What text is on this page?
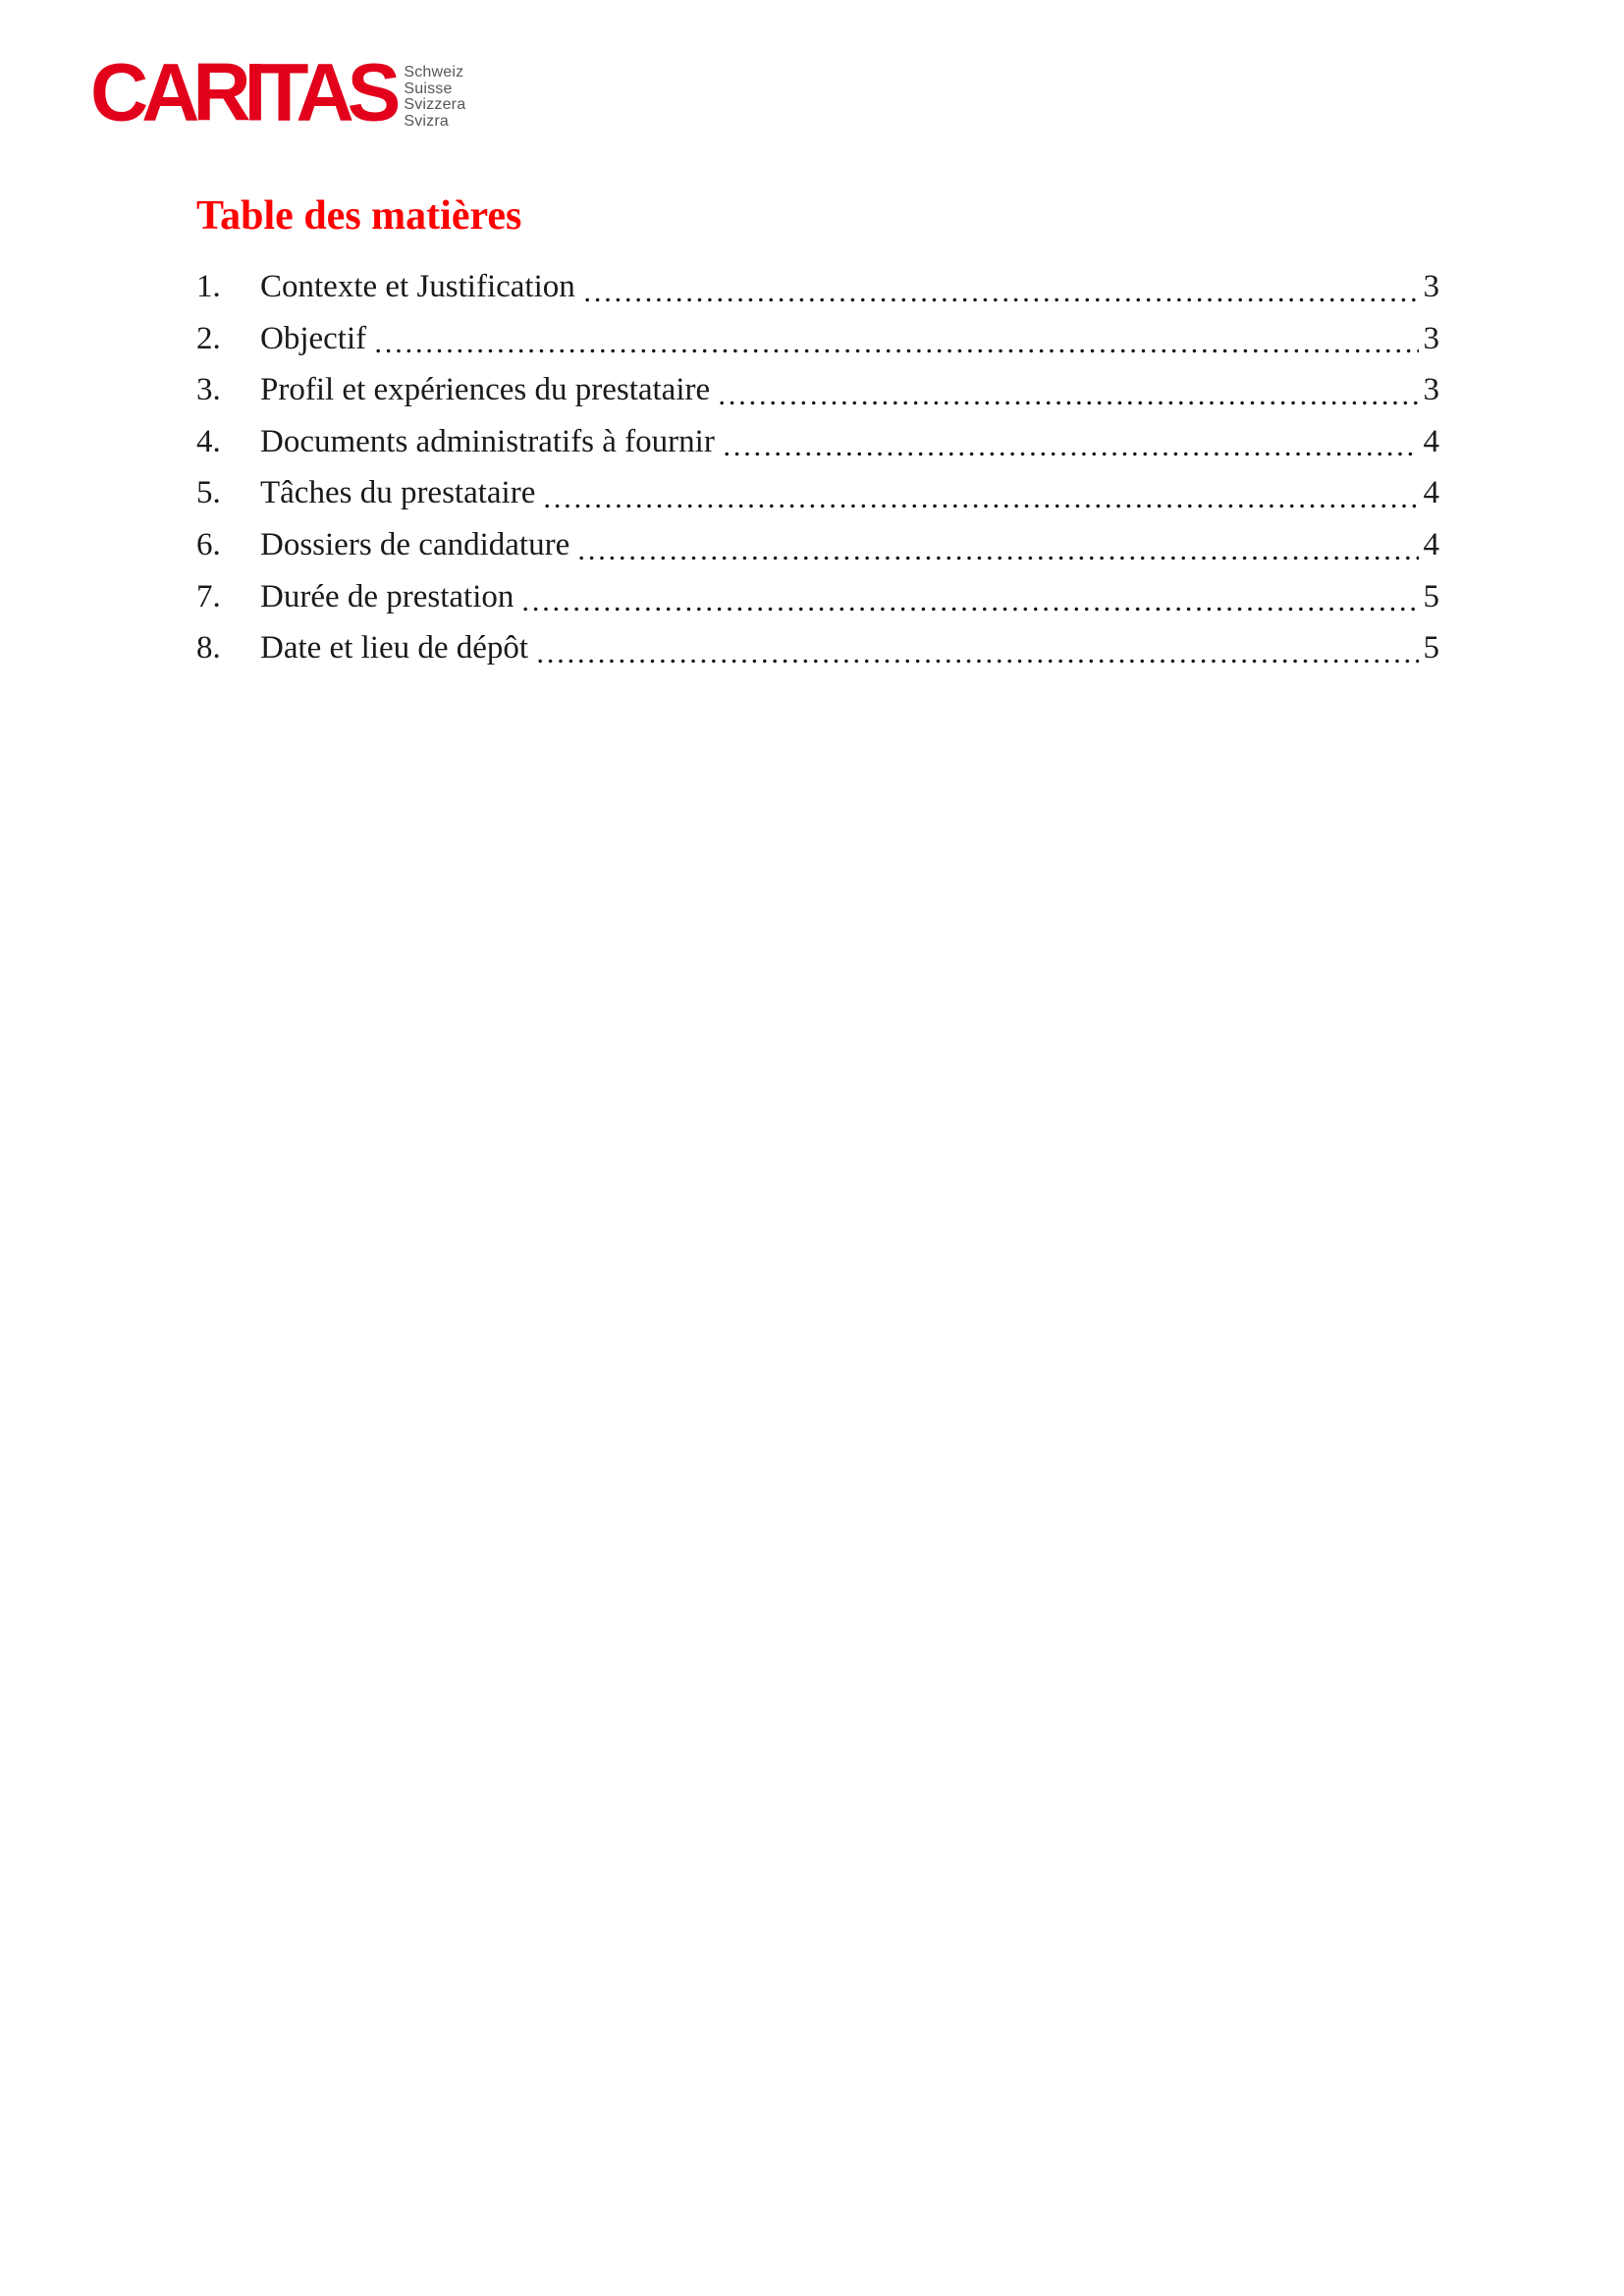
CARITAS Schweiz
Suisse
Svizzera
Svizra
Table des matières
1.	Contexte et Justification	3
2.	Objectif	3
3.	Profil et expériences du prestataire	3
4.	Documents administratifs à fournir	4
5.	Tâches du prestataire	4
6.	Dossiers de candidature	4
7.	Durée de prestation	5
8.	Date et lieu de dépôt	5
